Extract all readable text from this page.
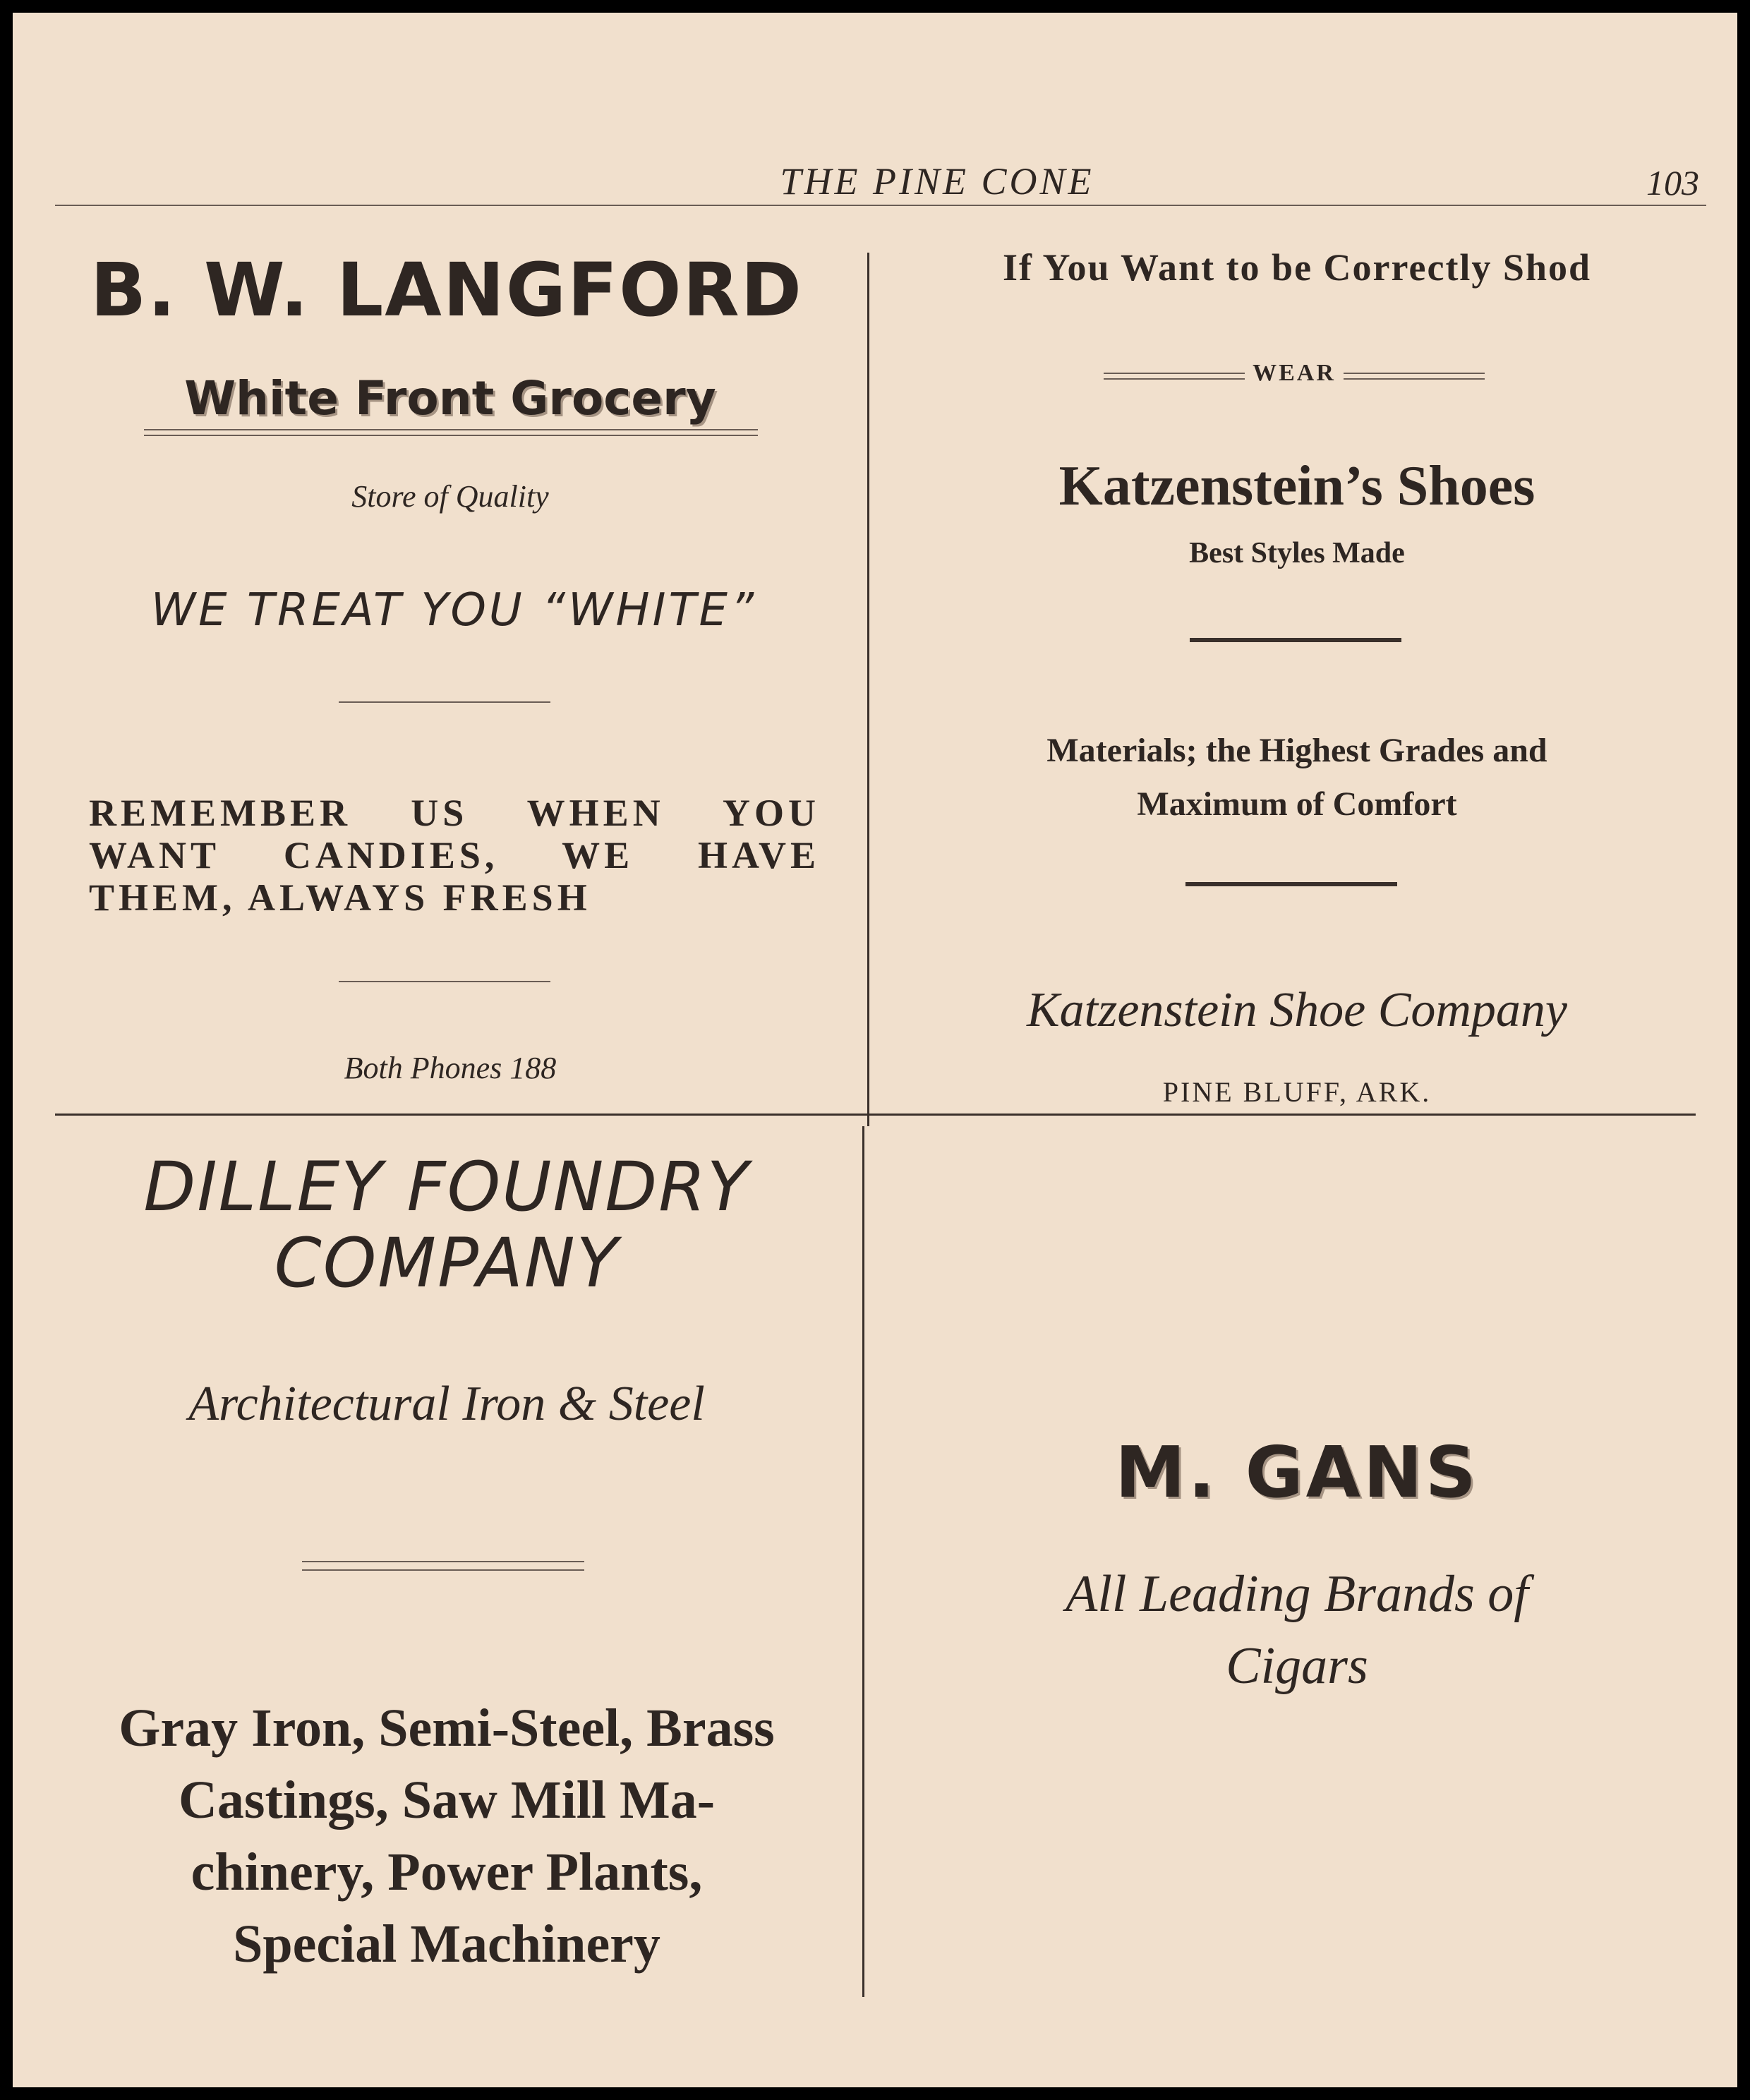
THE PINE CONE	103
B. W. LANGFORD
White Front Grocery
Store of Quality
WE TREAT YOU “WHITE”
REMEMBER US WHEN YOU
WANT CANDIES, WE HAVE
THEM, ALWAYS FRESH
Both Phones 188
If You Want to be Correctly Shod
WEAR
Katzenstein’s Shoes
Best Styles Made
Materials; the Highest Grades and
Maximum of Comfort
Katzenstein Shoe Company
PINE BLUFF, ARK.
DILLEY FOUNDRY
COMPANY
Architectural Iron & Steel
Gray Iron, Semi-Steel, Brass
Castings, Saw Mill Ma-
chinery, Power Plants,
Special Machinery
M. GANS
All Leading Brands of
Cigars
